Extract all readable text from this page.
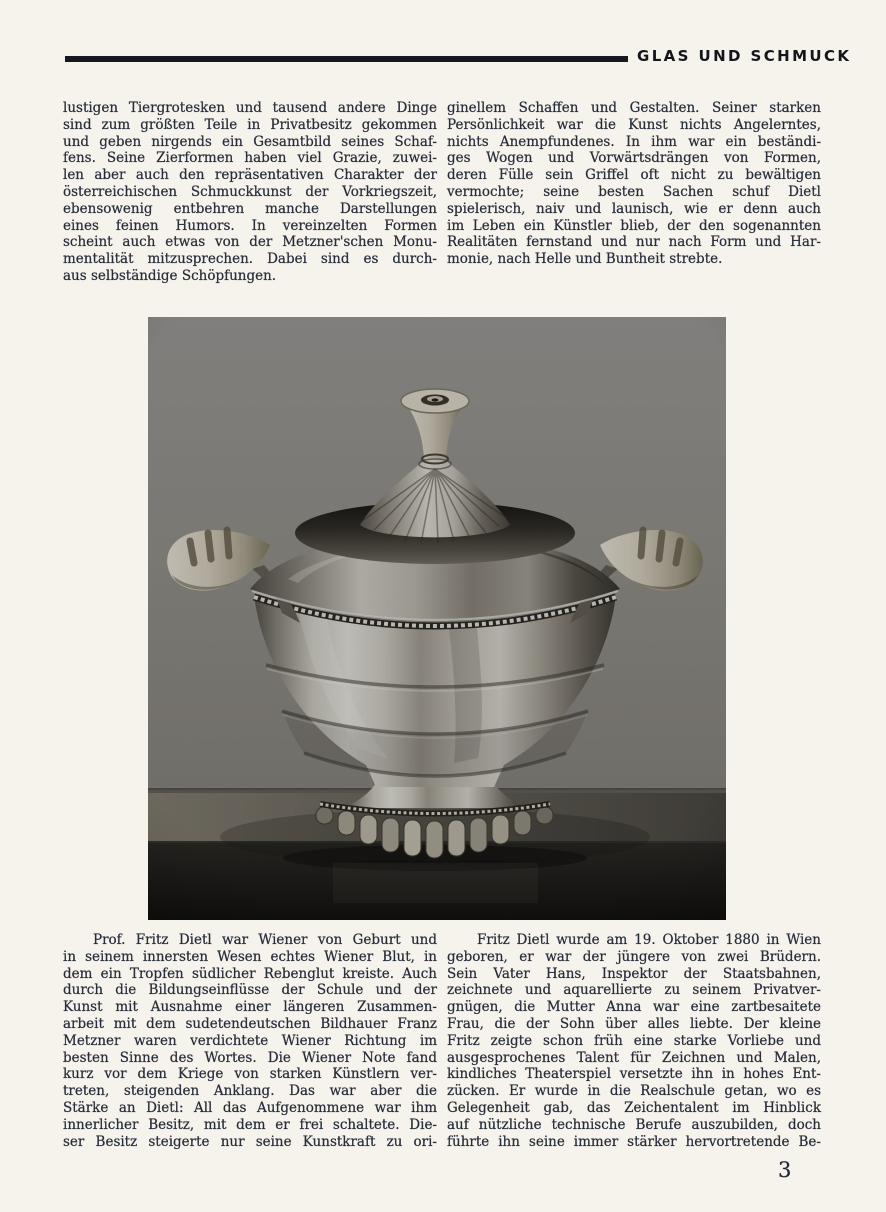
GLAS UND SCHMUCK
lustigen Tiergrotesken und tausend andere Dinge
sind zum größten Teile in Privatbesitz gekommen
und geben nirgends ein Gesamtbild seines Schaf-
fens. Seine Zierformen haben viel Grazie, zuwei-
len aber auch den repräsentativen Charakter der
österreichischen Schmuckkunst der Vorkriegszeit,
ebensowenig entbehren manche Darstellungen
eines feinen Humors. In vereinzelten Formen
scheint auch etwas von der Metzner'schen Monu-
mentalität mitzusprechen. Dabei sind es durch-
aus selbständige Schöpfungen.
ginellem Schaffen und Gestalten. Seiner starken
Persönlichkeit war die Kunst nichts Angelerntes,
nichts Anempfundenes. In ihm war ein beständi-
ges Wogen und Vorwärtsdrängen von Formen,
deren Fülle sein Griffel oft nicht zu bewältigen
vermochte; seine besten Sachen schuf Dietl
spielerisch, naiv und launisch, wie er denn auch
im Leben ein Künstler blieb, der den sogenannten
Realitäten fernstand und nur nach Form und Har-
monie, nach Helle und Buntheit strebte.
Prof. Fritz Dietl war Wiener von Geburt und
in seinem innersten Wesen echtes Wiener Blut, in
dem ein Tropfen südlicher Rebenglut kreiste. Auch
durch die Bildungseinflüsse der Schule und der
Kunst mit Ausnahme einer längeren Zusammen-
arbeit mit dem sudetendeutschen Bildhauer Franz
Metzner waren verdichtete Wiener Richtung im
besten Sinne des Wortes. Die Wiener Note fand
kurz vor dem Kriege von starken Künstlern ver-
treten, steigenden Anklang. Das war aber die
Stärke an Dietl: All das Aufgenommene war ihm
innerlicher Besitz, mit dem er frei schaltete. Die-
ser Besitz steigerte nur seine Kunstkraft zu ori-
Fritz Dietl wurde am 19. Oktober 1880 in Wien
geboren, er war der jüngere von zwei Brüdern.
Sein Vater Hans, Inspektor der Staatsbahnen,
zeichnete und aquarellierte zu seinem Privatver-
gnügen, die Mutter Anna war eine zartbesaitete
Frau, die der Sohn über alles liebte. Der kleine
Fritz zeigte schon früh eine starke Vorliebe und
ausgesprochenes Talent für Zeichnen und Malen,
kindliches Theaterspiel versetzte ihn in hohes Ent-
zücken. Er wurde in die Realschule getan, wo es
Gelegenheit gab, das Zeichentalent im Hinblick
auf nützliche technische Berufe auszubilden, doch
führte ihn seine immer stärker hervortretende Be-
3
